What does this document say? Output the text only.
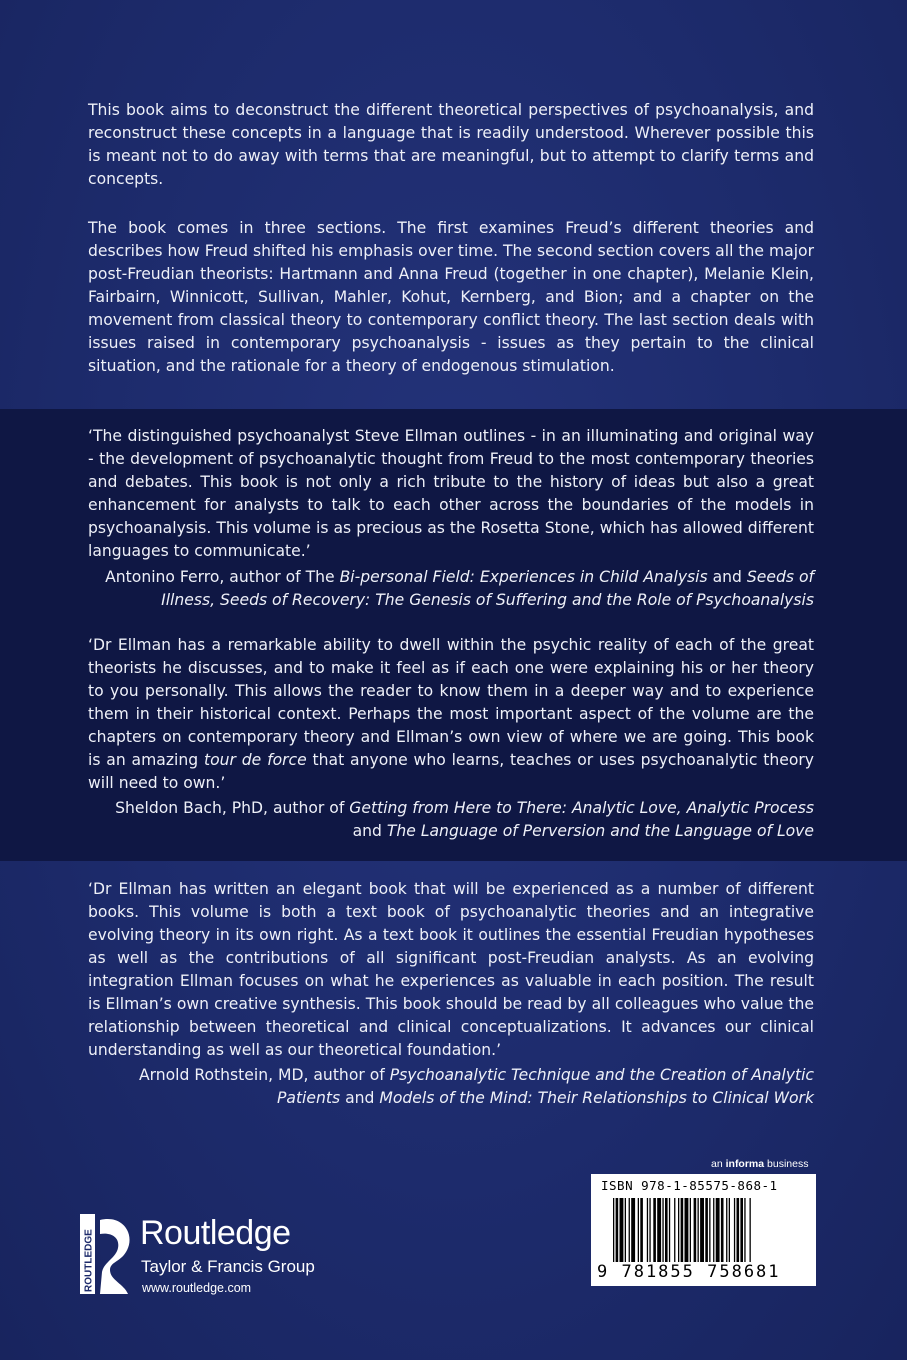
This book aims to deconstruct the different theoretical perspectives of psychoanalysis, and reconstruct these concepts in a language that is readily understood. Wherever possible this is meant not to do away with terms that are meaningful, but to attempt to clarify terms and concepts.

The book comes in three sections. The first examines Freud’s different theories and describes how Freud shifted his emphasis over time. The second section covers all the major post-Freudian theorists: Hartmann and Anna Freud (together in one chapter), Melanie Klein, Fairbairn, Winnicott, Sullivan, Mahler, Kohut, Kernberg, and Bion; and a chapter on the movement from classical theory to contemporary conflict theory. The last section deals with issues raised in contemporary psychoanalysis - issues as they pertain to the clinical situation, and the rationale for a theory of endogenous stimulation.

‘The distinguished psychoanalyst Steve Ellman outlines - in an illuminating and original way - the development of psychoanalytic thought from Freud to the most contemporary theories and debates. This book is not only a rich tribute to the history of ideas but also a great enhancement for analysts to talk to each other across the boundaries of the models in psychoanalysis. This volume is as precious as the Rosetta Stone, which has allowed different languages to communicate.’

Antonino Ferro, author of The Bi-personal Field: Experiences in Child Analysis and Seeds of Illness, Seeds of Recovery: The Genesis of Suffering and the Role of Psychoanalysis

‘Dr Ellman has a remarkable ability to dwell within the psychic reality of each of the great theorists he discusses, and to make it feel as if each one were explaining his or her theory to you personally. This allows the reader to know them in a deeper way and to experience them in their historical context. Perhaps the most important aspect of the volume are the chapters on contemporary theory and Ellman’s own view of where we are going. This book is an amazing tour de force that anyone who learns, teaches or uses psychoanalytic theory will need to own.’

Sheldon Bach, PhD, author of Getting from Here to There: Analytic Love, Analytic Process
and The Language of Perversion and the Language of Love

‘Dr Ellman has written an elegant book that will be experienced as a number of different books. This volume is both a text book of psychoanalytic theories and an integrative evolving theory in its own right. As a text book it outlines the essential Freudian hypotheses as well as the contributions of all significant post-Freudian analysts. As an evolving integration Ellman focuses on what he experiences as valuable in each position. The result is Ellman’s own creative synthesis. This book should be read by all colleagues who value the relationship between theoretical and clinical conceptualizations. It advances our clinical understanding as well as our theoretical foundation.’

Arnold Rothstein, MD, author of Psychoanalytic Technique and the Creation of Analytic Patients and Models of the Mind: Their Relationships to Clinical Work

an informa business
ISBN 978-1-85575-868-1
9 781855 758681
ROUTLEDGE Routledge
Taylor & Francis Group
www.routledge.com
